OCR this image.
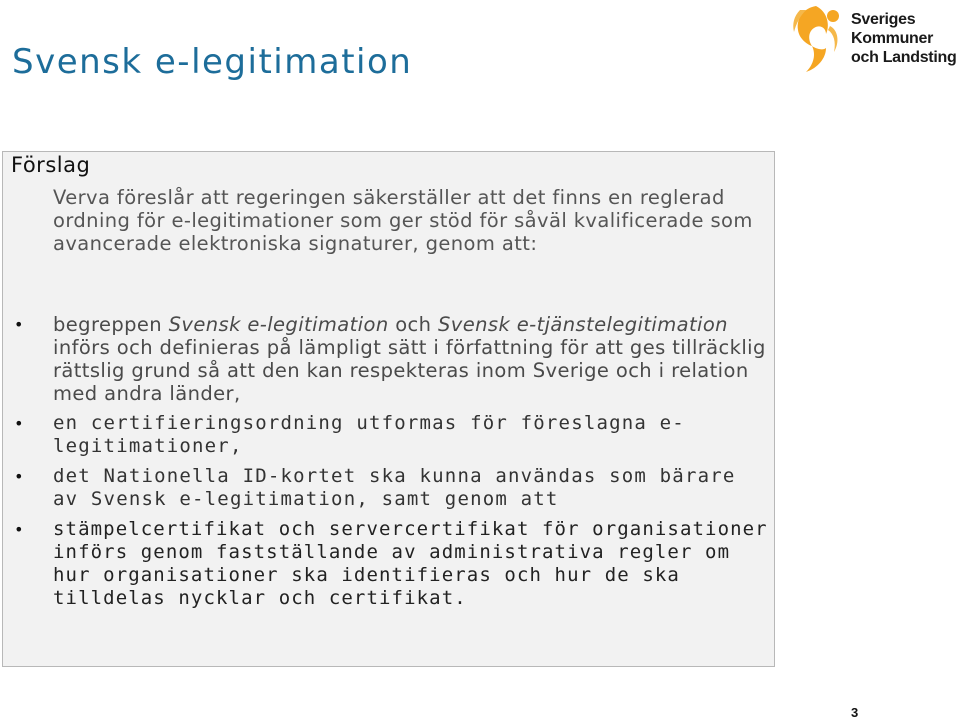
Svensk e-legitimation
Sveriges
Kommuner
och Landsting
Förslag

Verva föreslår att regeringen säkerställer att det finns en reglerad ordning för e-legitimationer som ger stöd för såväl kvalificerade som avancerade elektroniska signaturer, genom att:

• begreppen Svensk e-legitimation och Svensk e-tjänstelegitimation införs och definieras på lämpligt sätt i författning för att ges tillräcklig rättslig grund så att den kan respekteras inom Sverige och i relation med andra länder,
• en certifieringsordning utformas för föreslagna e-legitimationer,
• det Nationella ID-kortet ska kunna användas som bärare av Svensk e-legitimation, samt genom att
• stämpelcertifikat och servercertifikat för organisationer införs genom fastställande av administrativa regler om hur organisationer ska identifieras och hur de ska tilldelas nycklar och certifikat.
3
